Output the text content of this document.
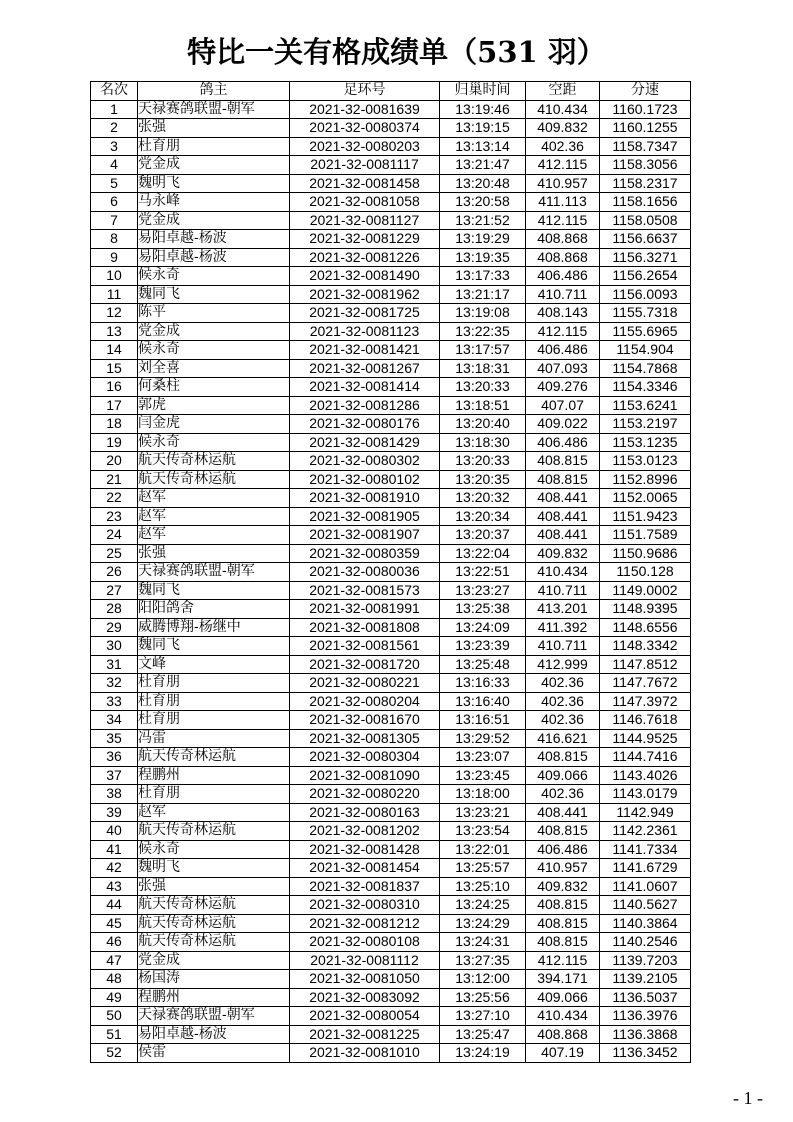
特比一关有格成绩单（531 羽）
名次	鸽主	足环号	归巢时间	空距	分速
1	天禄赛鸽联盟-朝军	2021-32-0081639	13:19:46	410.434	1160.1723
2	张强	2021-32-0080374	13:19:15	409.832	1160.1255
3	杜育朋	2021-32-0080203	13:13:14	402.36	1158.7347
4	党金成	2021-32-0081117	13:21:47	412.115	1158.3056
5	魏明飞	2021-32-0081458	13:20:48	410.957	1158.2317
6	马永峰	2021-32-0081058	13:20:58	411.113	1158.1656
7	党金成	2021-32-0081127	13:21:52	412.115	1158.0508
8	易阳卓越-杨波	2021-32-0081229	13:19:29	408.868	1156.6637
9	易阳卓越-杨波	2021-32-0081226	13:19:35	408.868	1156.3271
10	候永奇	2021-32-0081490	13:17:33	406.486	1156.2654
11	魏同飞	2021-32-0081962	13:21:17	410.711	1156.0093
12	陈平	2021-32-0081725	13:19:08	408.143	1155.7318
13	党金成	2021-32-0081123	13:22:35	412.115	1155.6965
14	候永奇	2021-32-0081421	13:17:57	406.486	1154.904
15	刘全喜	2021-32-0081267	13:18:31	407.093	1154.7868
16	何桑柱	2021-32-0081414	13:20:33	409.276	1154.3346
17	郭虎	2021-32-0081286	13:18:51	407.07	1153.6241
18	闫金虎	2021-32-0080176	13:20:40	409.022	1153.2197
19	候永奇	2021-32-0081429	13:18:30	406.486	1153.1235
20	航天传奇林运航	2021-32-0080302	13:20:33	408.815	1153.0123
21	航天传奇林运航	2021-32-0080102	13:20:35	408.815	1152.8996
22	赵军	2021-32-0081910	13:20:32	408.441	1152.0065
23	赵军	2021-32-0081905	13:20:34	408.441	1151.9423
24	赵军	2021-32-0081907	13:20:37	408.441	1151.7589
25	张强	2021-32-0080359	13:22:04	409.832	1150.9686
26	天禄赛鸽联盟-朝军	2021-32-0080036	13:22:51	410.434	1150.128
27	魏同飞	2021-32-0081573	13:23:27	410.711	1149.0002
28	阳阳鸽舍	2021-32-0081991	13:25:38	413.201	1148.9395
29	威腾博翔-杨继中	2021-32-0081808	13:24:09	411.392	1148.6556
30	魏同飞	2021-32-0081561	13:23:39	410.711	1148.3342
31	文峰	2021-32-0081720	13:25:48	412.999	1147.8512
32	杜育朋	2021-32-0080221	13:16:33	402.36	1147.7672
33	杜育朋	2021-32-0080204	13:16:40	402.36	1147.3972
34	杜育朋	2021-32-0081670	13:16:51	402.36	1146.7618
35	冯雷	2021-32-0081305	13:29:52	416.621	1144.9525
36	航天传奇林运航	2021-32-0080304	13:23:07	408.815	1144.7416
37	程鹏州	2021-32-0081090	13:23:45	409.066	1143.4026
38	杜育朋	2021-32-0080220	13:18:00	402.36	1143.0179
39	赵军	2021-32-0080163	13:23:21	408.441	1142.949
40	航天传奇林运航	2021-32-0081202	13:23:54	408.815	1142.2361
41	候永奇	2021-32-0081428	13:22:01	406.486	1141.7334
42	魏明飞	2021-32-0081454	13:25:57	410.957	1141.6729
43	张强	2021-32-0081837	13:25:10	409.832	1141.0607
44	航天传奇林运航	2021-32-0080310	13:24:25	408.815	1140.5627
45	航天传奇林运航	2021-32-0081212	13:24:29	408.815	1140.3864
46	航天传奇林运航	2021-32-0080108	13:24:31	408.815	1140.2546
47	党金成	2021-32-0081112	13:27:35	412.115	1139.7203
48	杨国涛	2021-32-0081050	13:12:00	394.171	1139.2105
49	程鹏州	2021-32-0083092	13:25:56	409.066	1136.5037
50	天禄赛鸽联盟-朝军	2021-32-0080054	13:27:10	410.434	1136.3976
51	易阳卓越-杨波	2021-32-0081225	13:25:47	408.868	1136.3868
52	侯雷	2021-32-0081010	13:24:19	407.19	1136.3452
- 1 -
